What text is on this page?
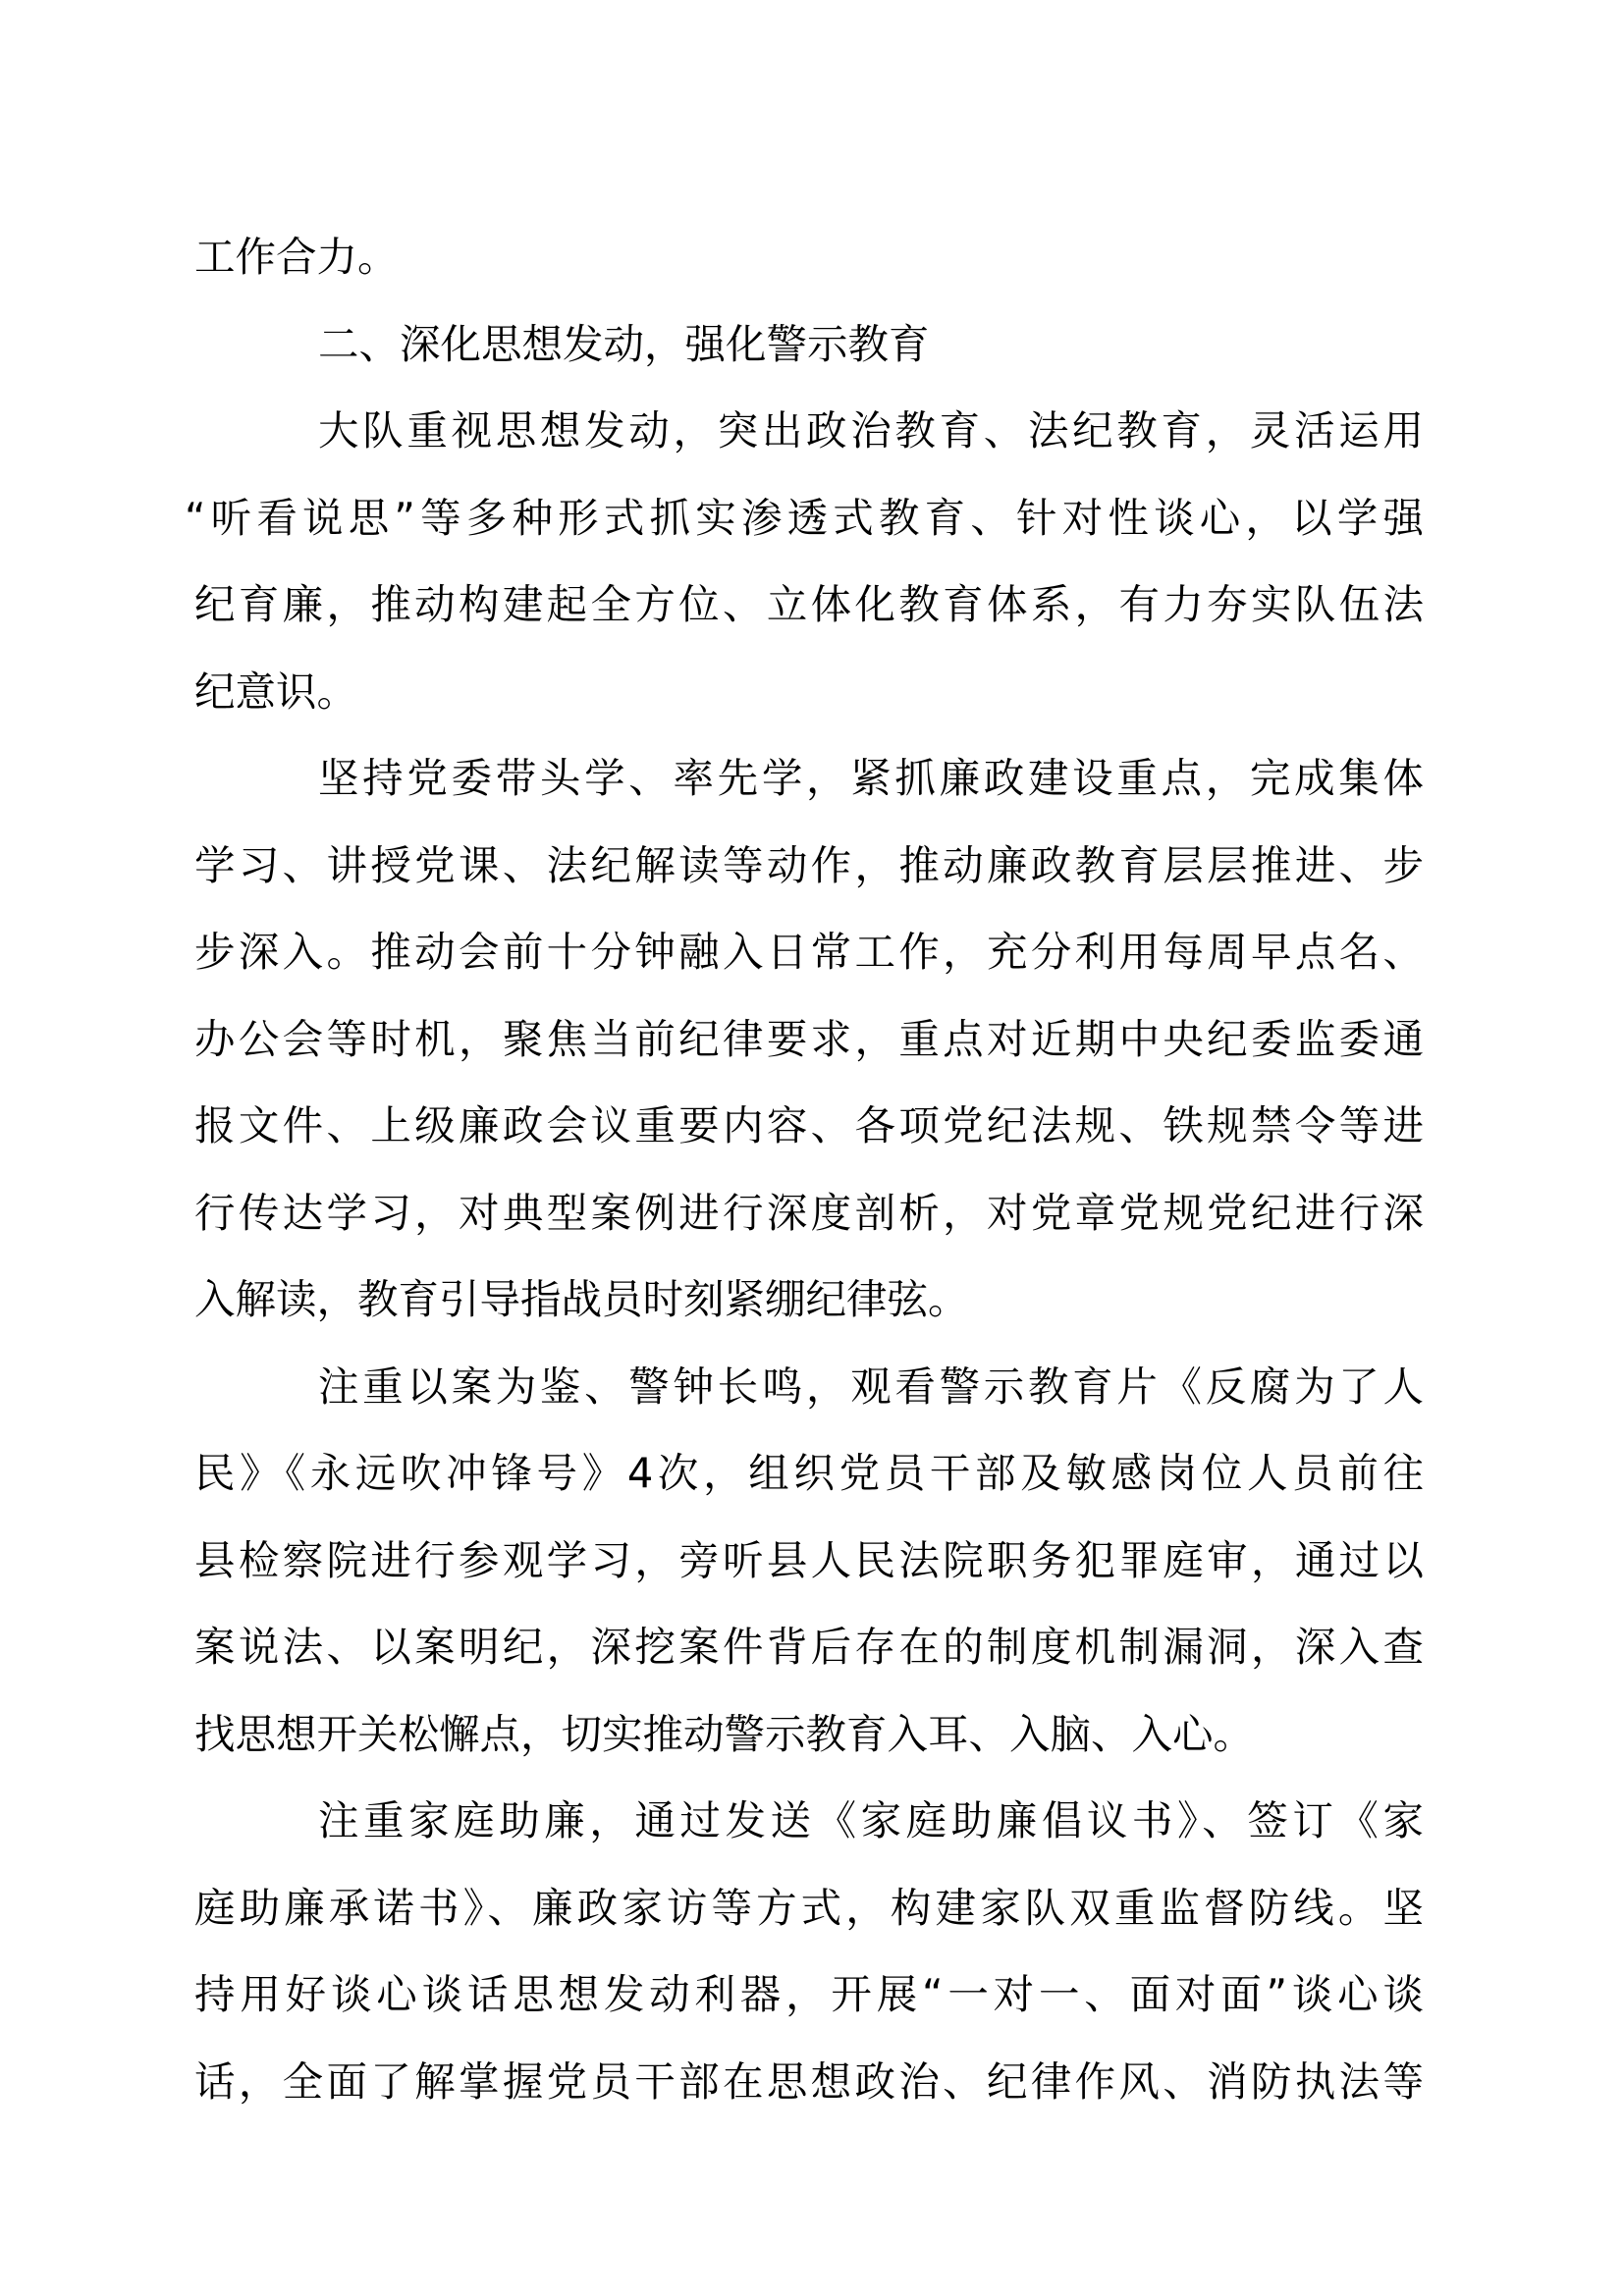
工作合力。
二、深化思想发动，强化警示教育
大队重视思想发动，突出政治教育、法纪教育，灵活运用
“听看说思”等多种形式抓实渗透式教育、针对性谈心，以学强
纪育廉，推动构建起全方位、立体化教育体系，有力夯实队伍法
纪意识。
坚持党委带头学、率先学，紧抓廉政建设重点，完成集体
学习、讲授党课、法纪解读等动作，推动廉政教育层层推进、步
步深入。推动会前十分钟融入日常工作，充分利用每周早点名、
办公会等时机，聚焦当前纪律要求，重点对近期中央纪委监委通
报文件、上级廉政会议重要内容、各项党纪法规、铁规禁令等进
行传达学习，对典型案例进行深度剖析，对党章党规党纪进行深
入解读，教育引导指战员时刻紧绷纪律弦。
注重以案为鉴、警钟长鸣，观看警示教育片《反腐为了人
民》《永远吹冲锋号》4次，组织党员干部及敏感岗位人员前往
县检察院进行参观学习，旁听县人民法院职务犯罪庭审，通过以
案说法、以案明纪，深挖案件背后存在的制度机制漏洞，深入查
找思想开关松懈点，切实推动警示教育入耳、入脑、入心。
注重家庭助廉，通过发送《家庭助廉倡议书》、签订《家
庭助廉承诺书》、廉政家访等方式，构建家队双重监督防线。坚
持用好谈心谈话思想发动利器，开展“一对一、面对面”谈心谈
话，全面了解掌握党员干部在思想政治、纪律作风、消防执法等
